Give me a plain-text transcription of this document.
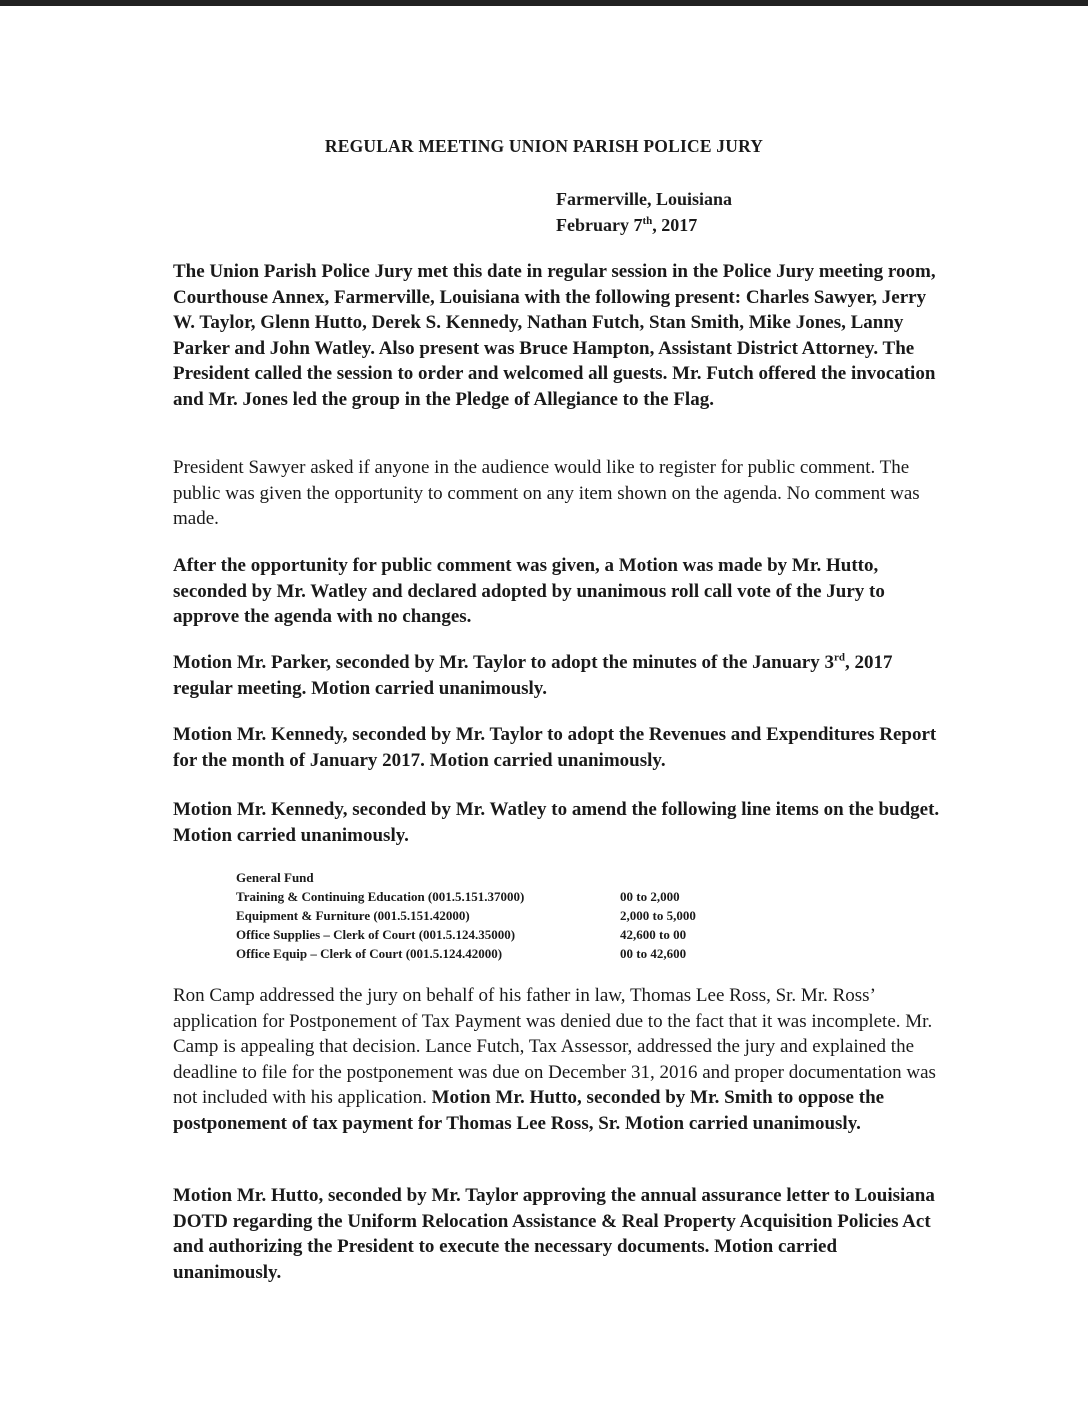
REGULAR MEETING UNION PARISH POLICE JURY
Farmerville, Louisiana
February 7th, 2017

The Union Parish Police Jury met this date in regular session in the Police Jury meeting room, Courthouse Annex, Farmerville, Louisiana with the following present: Charles Sawyer, Jerry W. Taylor, Glenn Hutto, Derek S. Kennedy, Nathan Futch, Stan Smith, Mike Jones, Lanny Parker and John Watley. Also present was Bruce Hampton, Assistant District Attorney. The President called the session to order and welcomed all guests. Mr. Futch offered the invocation and Mr. Jones led the group in the Pledge of Allegiance to the Flag.

President Sawyer asked if anyone in the audience would like to register for public comment. The public was given the opportunity to comment on any item shown on the agenda. No comment was made.

After the opportunity for public comment was given, a Motion was made by Mr. Hutto, seconded by Mr. Watley and declared adopted by unanimous roll call vote of the Jury to approve the agenda with no changes.

Motion Mr. Parker, seconded by Mr. Taylor to adopt the minutes of the January 3rd, 2017 regular meeting. Motion carried unanimously.

Motion Mr. Kennedy, seconded by Mr. Taylor to adopt the Revenues and Expenditures Report for the month of January 2017. Motion carried unanimously.

Motion Mr. Kennedy, seconded by Mr. Watley to amend the following line items on the budget. Motion carried unanimously.

General Fund	
Training & Continuing Education (001.5.151.37000)	00 to 2,000
Equipment & Furniture (001.5.151.42000)	2,000 to 5,000
Office Supplies – Clerk of Court (001.5.124.35000)	42,600 to 00
Office Equip – Clerk of Court (001.5.124.42000)	00 to 42,600

Ron Camp addressed the jury on behalf of his father in law, Thomas Lee Ross, Sr. Mr. Ross’ application for Postponement of Tax Payment was denied due to the fact that it was incomplete. Mr. Camp is appealing that decision. Lance Futch, Tax Assessor, addressed the jury and explained the deadline to file for the postponement was due on December 31, 2016 and proper documentation was not included with his application. Motion Mr. Hutto, seconded by Mr. Smith to oppose the postponement of tax payment for Thomas Lee Ross, Sr. Motion carried unanimously.

Motion Mr. Hutto, seconded by Mr. Taylor approving the annual assurance letter to Louisiana DOTD regarding the Uniform Relocation Assistance & Real Property Acquisition Policies Act and authorizing the President to execute the necessary documents. Motion carried unanimously.
